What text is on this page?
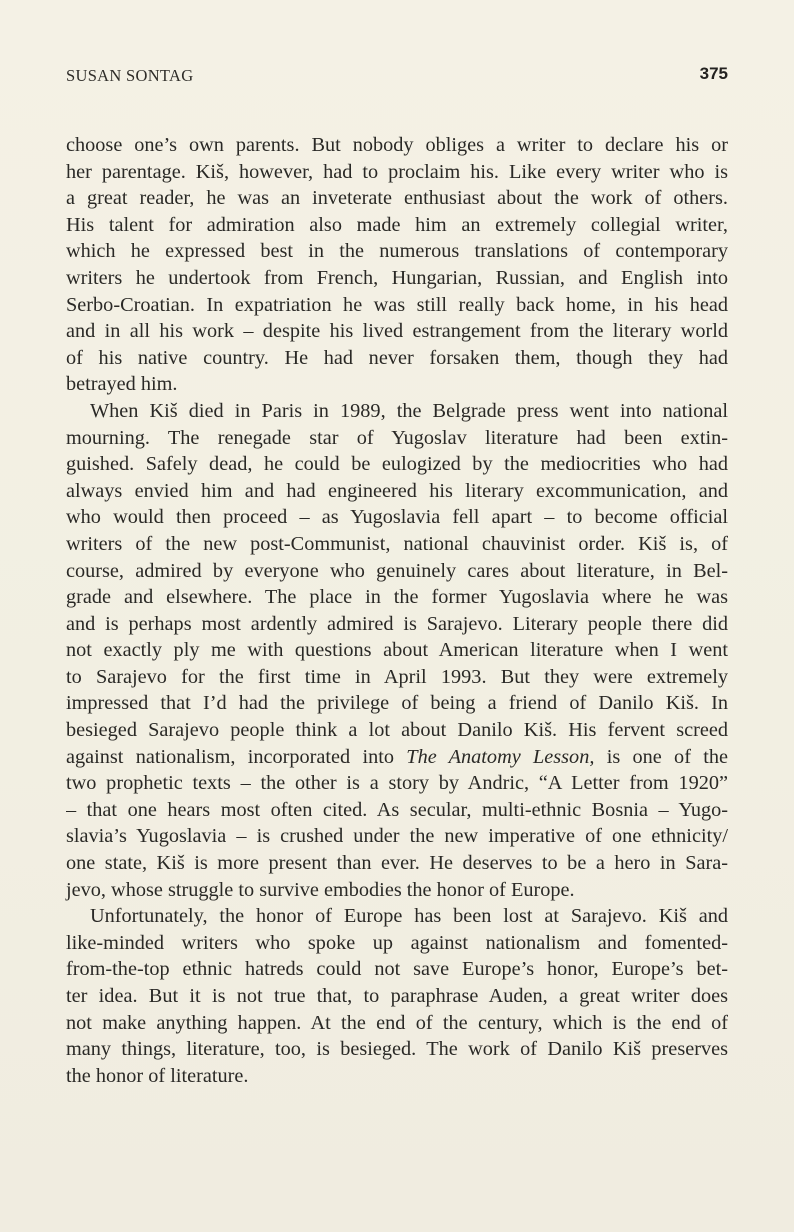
SUSAN SONTAG	375
choose one’s own parents. But nobody obliges a writer to declare his or
her parentage. Kiš, however, had to proclaim his. Like every writer who is
a great reader, he was an inveterate enthusiast about the work of others.
His talent for admiration also made him an extremely collegial writer,
which he expressed best in the numerous translations of contemporary
writers he undertook from French, Hungarian, Russian, and English into
Serbo-Croatian. In expatriation he was still really back home, in his head
and in all his work – despite his lived estrangement from the literary world
of his native country. He had never forsaken them, though they had
betrayed him.
When Kiš died in Paris in 1989, the Belgrade press went into national
mourning. The renegade star of Yugoslav literature had been extin-
guished. Safely dead, he could be eulogized by the mediocrities who had
always envied him and had engineered his literary excommunication, and
who would then proceed – as Yugoslavia fell apart – to become official
writers of the new post-Communist, national chauvinist order. Kiš is, of
course, admired by everyone who genuinely cares about literature, in Bel-
grade and elsewhere. The place in the former Yugoslavia where he was
and is perhaps most ardently admired is Sarajevo. Literary people there did
not exactly ply me with questions about American literature when I went
to Sarajevo for the first time in April 1993. But they were extremely
impressed that I’d had the privilege of being a friend of Danilo Kiš. In
besieged Sarajevo people think a lot about Danilo Kiš. His fervent screed
against nationalism, incorporated into The Anatomy Lesson, is one of the
two prophetic texts – the other is a story by Andric, “A Letter from 1920”
– that one hears most often cited. As secular, multi-ethnic Bosnia – Yugo-
slavia’s Yugoslavia – is crushed under the new imperative of one ethnicity/
one state, Kiš is more present than ever. He deserves to be a hero in Sara-
jevo, whose struggle to survive embodies the honor of Europe.
Unfortunately, the honor of Europe has been lost at Sarajevo. Kiš and
like-minded writers who spoke up against nationalism and fomented-
from-the-top ethnic hatreds could not save Europe’s honor, Europe’s bet-
ter idea. But it is not true that, to paraphrase Auden, a great writer does
not make anything happen. At the end of the century, which is the end of
many things, literature, too, is besieged. The work of Danilo Kiš preserves
the honor of literature.
